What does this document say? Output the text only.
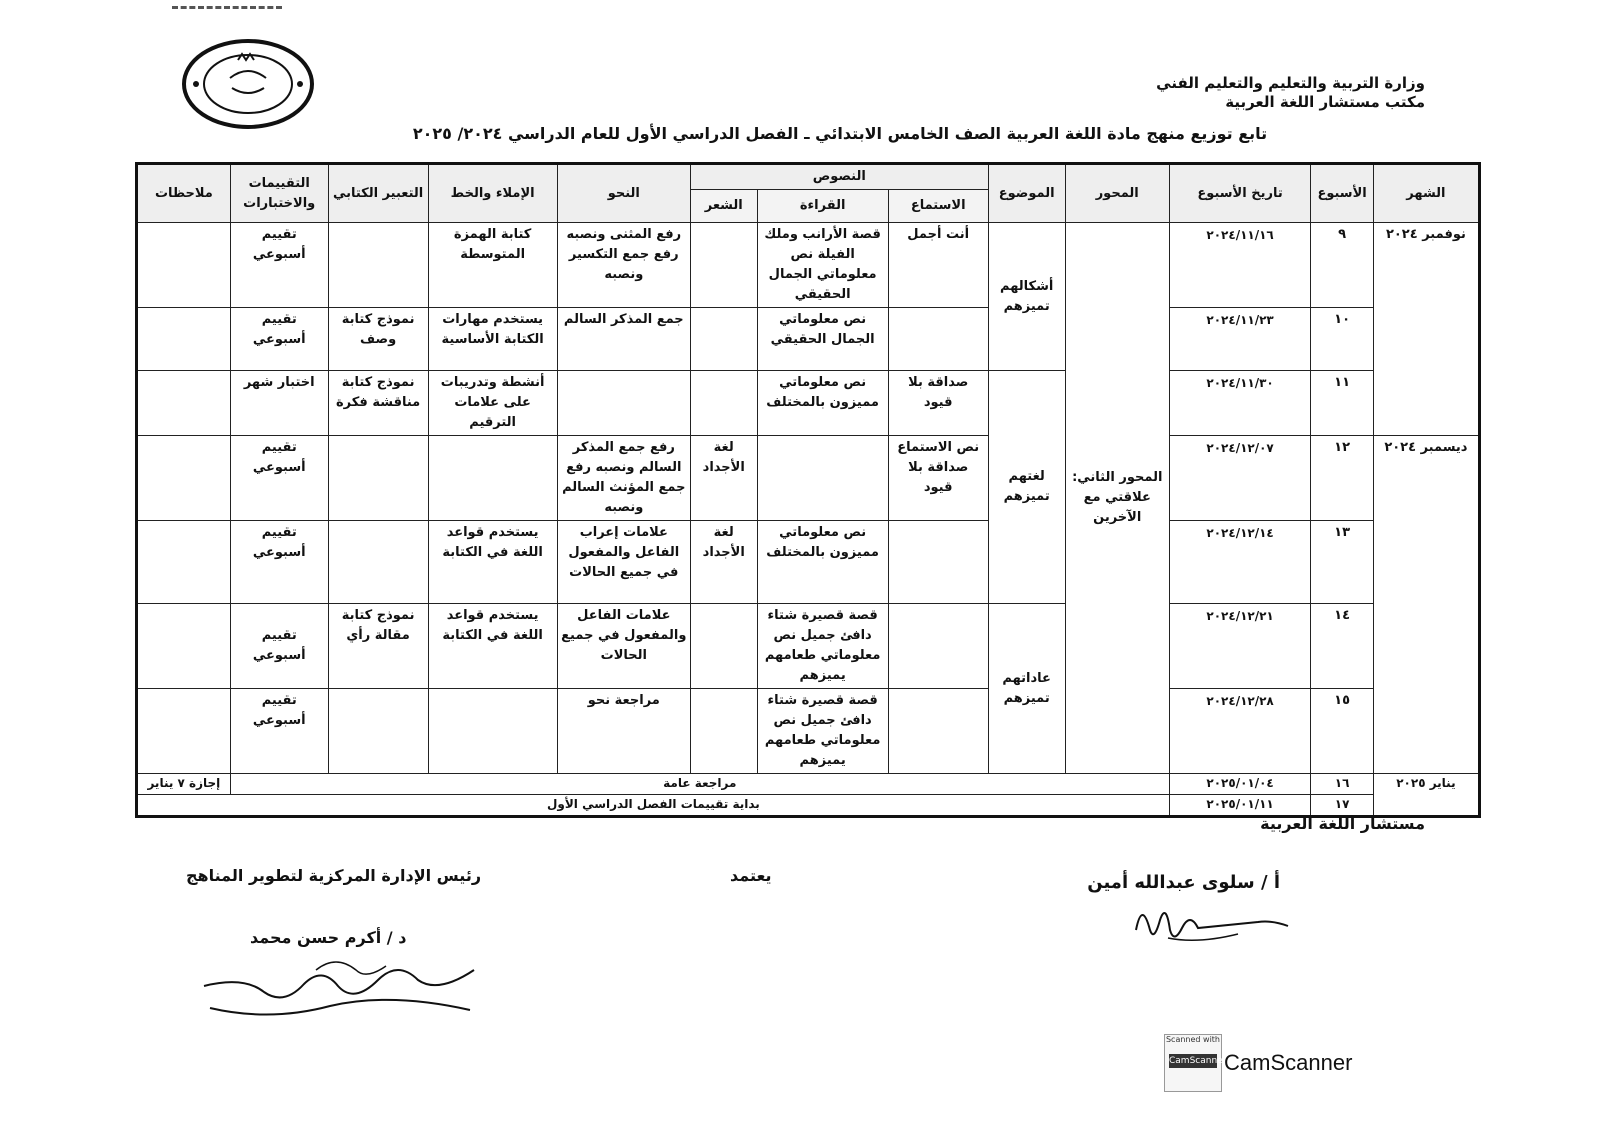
وزارة التربية والتعليم والتعليم الفني
مكتب مستشار اللغة العربية
تابع توزيع منهج مادة اللغة العربية الصف الخامس الابتدائي ـ الفصل الدراسي الأول للعام الدراسي ٢٠٢٤/ ٢٠٢٥
الشهر	الأسبوع	تاريخ الأسبوع	المحور	الموضوع	النصوص			النحو	الإملاء والخط	التعبير الكتابي	التقييمات والاختبارات	ملاحظات
					الاستماع	القراءة	الشعر					
نوفمبر ٢٠٢٤	٩	٢٠٢٤/١١/١٦	المحور الثاني: علاقتي مع الآخرين	أشكالهم تميزهم	أنت أجمل	قصة الأرانب وملك الفيلة نص معلوماتي الجمال الحقيقي		رفع المثنى ونصبه رفع جمع التكسير ونصبه	كتابة الهمزة المتوسطة		تقييم أسبوعي	
	١٠	٢٠٢٤/١١/٢٣				نص معلوماتي الجمال الحقيقي		جمع المذكر السالم	يستخدم مهارات الكتابة الأساسية	نموذج كتابة وصف	تقييم أسبوعي	
	١١	٢٠٢٤/١١/٣٠		لغتهم تميزهم	صداقة بلا قيود	نص معلوماتي مميزون بالمختلف			أنشطة وتدريبات على علامات الترقيم	نموذج كتابة مناقشة فكرة	اختبار شهر	
ديسمبر ٢٠٢٤	١٢	٢٠٢٤/١٢/٠٧			نص الاستماع صداقة بلا قيود		لغة الأجداد	رفع جمع المذكر السالم ونصبه رفع جمع المؤنث السالم ونصبه			تقييم أسبوعي	
	١٣	٢٠٢٤/١٢/١٤				نص معلوماتي مميزون بالمختلف	لغة الأجداد	علامات إعراب الفاعل والمفعول في جميع الحالات	يستخدم قواعد اللغة في الكتابة		تقييم أسبوعي	
	١٤	٢٠٢٤/١٢/٢١		عاداتهم تميزهم		قصة قصيرة شتاء دافئ جميل نص معلوماتي طعامهم يميزهم		علامات الفاعل والمفعول في جميع الحالات	يستخدم قواعد اللغة في الكتابة	نموذج كتابة مقالة رأي	تقييم أسبوعي	
	١٥	٢٠٢٤/١٢/٢٨				قصة قصيرة شتاء دافئ جميل نص معلوماتي طعامهم يميزهم		مراجعة نحو			تقييم أسبوعي	
يناير ٢٠٢٥	١٦	٢٠٢٥/٠١/٠٤	مراجعة عامة									إجازة ٧ يناير
	١٧	٢٠٢٥/٠١/١١	بداية تقييمات الفصل الدراسي الأول									
مستشار اللغة العربية
أ / سلوى عبدالله أمين
يعتمد
رئيس الإدارة المركزية لتطوير المناهج
د / أكرم حسن محمد
Scanned with
CamScanner
CamScanner
